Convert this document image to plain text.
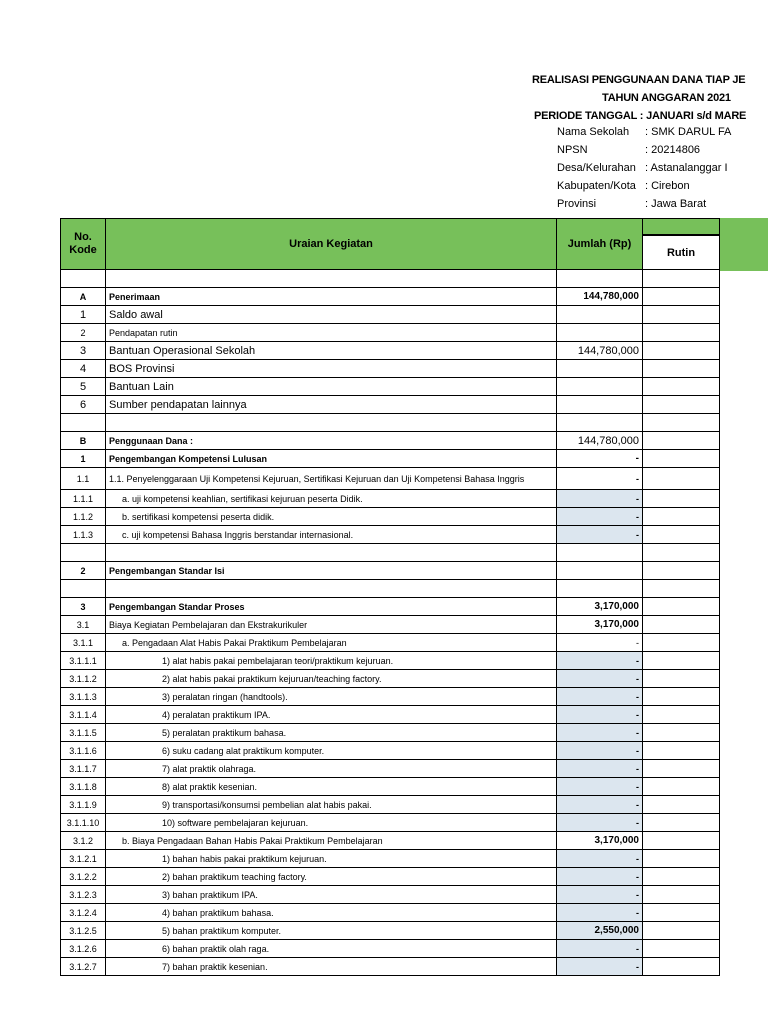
REALISASI PENGGUNAAN DANA TIAP JE
TAHUN ANGGARAN 2021
PERIODE TANGGAL : JANUARI s/d MARE
Nama Sekolah : SMK DARUL FA
NPSN	: 20214806
Desa/Kelurahan : Astanalanggar I
Kabupaten/Kota : Cirebon
Provinsi	: Jawa Barat
No.
Kode	Uraian Kegiatan	Jumlah (Rp)	
			Rutin

A	Penerimaan	144,780,000	
1	Saldo awal		
2	Pendapatan rutin		
3	Bantuan Operasional Sekolah	144,780,000	
4	BOS Provinsi		
5	Bantuan Lain		
6	Sumber pendapatan lainnya		

B	Penggunaan Dana :	144,780,000	
1	Pengembangan Kompetensi Lulusan	-	
1.1	1.1. Penyelenggaraan Uji Kompetensi Kejuruan, Sertifikasi Kejuruan dan Uji Kompetensi Bahasa Inggris	-	
1.1.1	a. uji kompetensi keahlian, sertifikasi kejuruan peserta Didik.	-	
1.1.2	b. sertifikasi kompetensi peserta didik.	-	
1.1.3	c. uji kompetensi Bahasa Inggris berstandar internasional.	-	

2	Pengembangan Standar Isi		

3	Pengembangan Standar Proses	3,170,000	
3.1	Biaya Kegiatan Pembelajaran dan Ekstrakurikuler	3,170,000	
3.1.1	a. Pengadaan Alat Habis Pakai Praktikum Pembelajaran	-	
3.1.1.1	1) alat habis pakai pembelajaran teori/praktikum kejuruan.	-	
3.1.1.2	2) alat habis pakai praktikum kejuruan/teaching factory.	-	
3.1.1.3	3) peralatan ringan (handtools).	-	
3.1.1.4	4) peralatan praktikum IPA.	-	
3.1.1.5	5) peralatan praktikum bahasa.	-	
3.1.1.6	6) suku cadang alat praktikum komputer.	-	
3.1.1.7	7) alat praktik olahraga.	-	
3.1.1.8	8) alat praktik kesenian.	-	
3.1.1.9	9) transportasi/konsumsi pembelian alat habis pakai.	-	
3.1.1.10	10) software pembelajaran kejuruan.	-	
3.1.2	b. Biaya Pengadaan Bahan Habis Pakai Praktikum Pembelajaran	3,170,000	
3.1.2.1	1) bahan habis pakai praktikum kejuruan.	-	
3.1.2.2	2) bahan praktikum teaching factory.	-	
3.1.2.3	3) bahan praktikum IPA.	-	
3.1.2.4	4) bahan praktikum bahasa.	-	
3.1.2.5	5) bahan praktikum komputer.	2,550,000	
3.1.2.6	6) bahan praktik olah raga.	-	
3.1.2.7	7) bahan praktik kesenian.	-	
